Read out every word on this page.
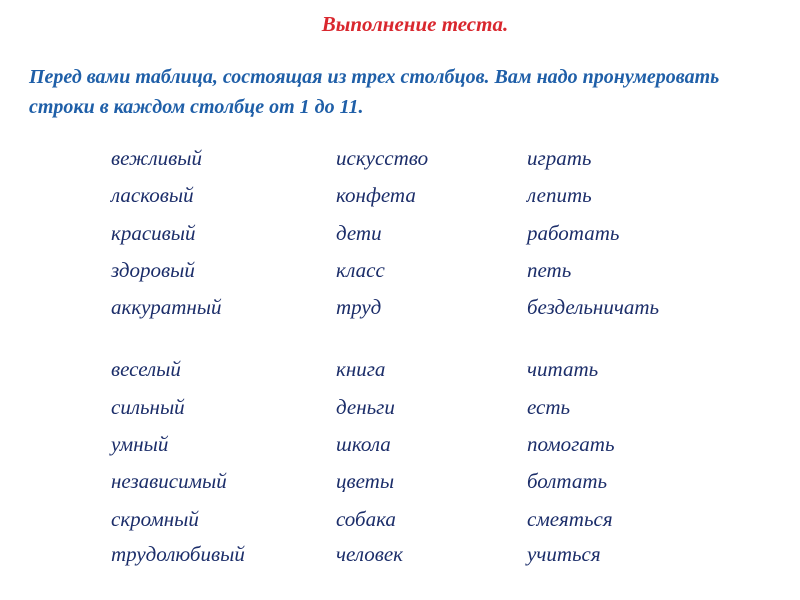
Выполнение теста.
Перед вами таблица, состоящая из трех столбцов. Вам надо пронумеровать строки в каждом столбце от 1 до 11.
вежливый
ласковый
красивый
здоровый
аккуратный
веселый
сильный
умный
независимый
скромный
трудолюбивый
искусство
конфета
дети
класс
труд
книга
деньги
школа
цветы
собака
человек
играть
лепить
работать
петь
бездельничать
читать
есть
помогать
болтать
смеяться
учиться
